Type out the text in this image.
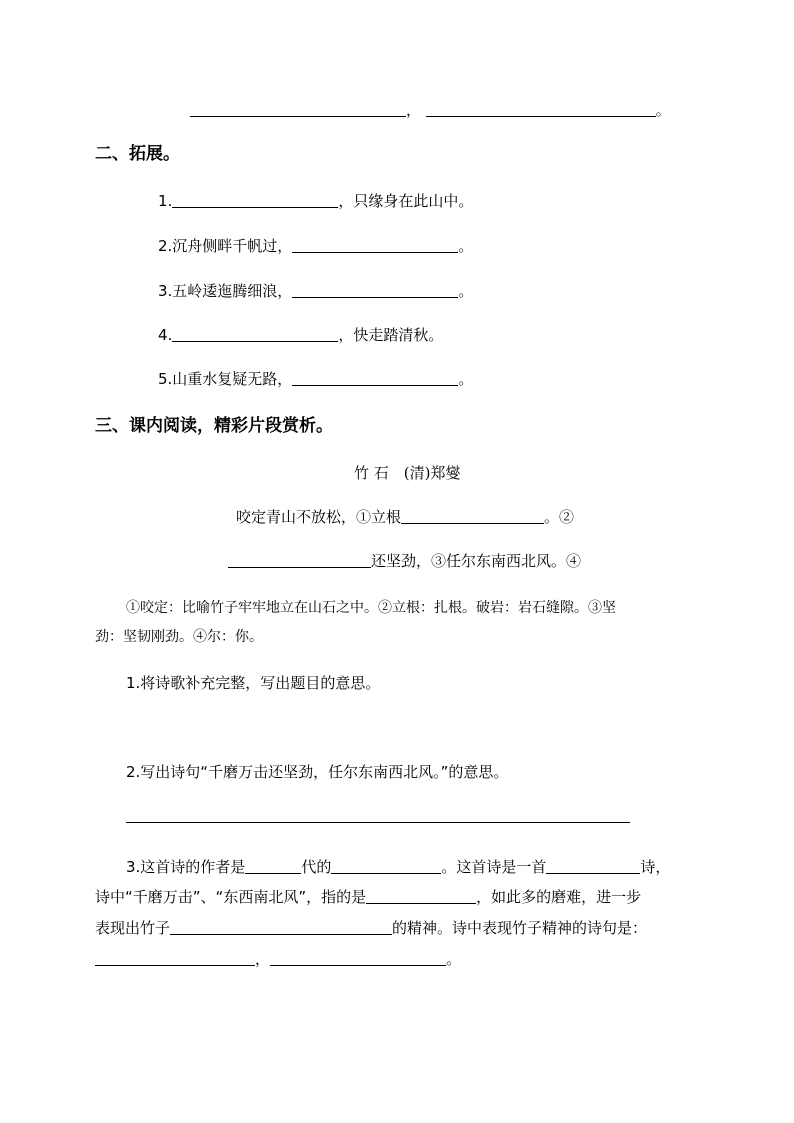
，	。
二、拓展。
1.	，只缘身在此山中。
2.沉舟侧畔千帆过，	。
3.五岭逶迤腾细浪，	。
4.	，快走踏清秋。
5.山重水复疑无路，	。
三、课内阅读，精彩片段赏析。
竹 石　(清)郑燮
咬定青山不放松，①立根	。②
还坚劲，③任尔东南西北风。④
①咬定：比喻竹子牢牢地立在山石之中。②立根：扎根。破岩：岩石缝隙。③坚
劲：坚韧刚劲。④尔：你。
1.将诗歌补充完整，写出题目的意思。
2.写出诗句“千磨万击还坚劲，任尔东南西北风。”的意思。
3.这首诗的作者是	代的	。这首诗是一首	诗，
诗中“千磨万击”、“东西南北风”，指的是	，如此多的磨难，进一步
表现出竹子	的精神。诗中表现竹子精神的诗句是：
，	。
